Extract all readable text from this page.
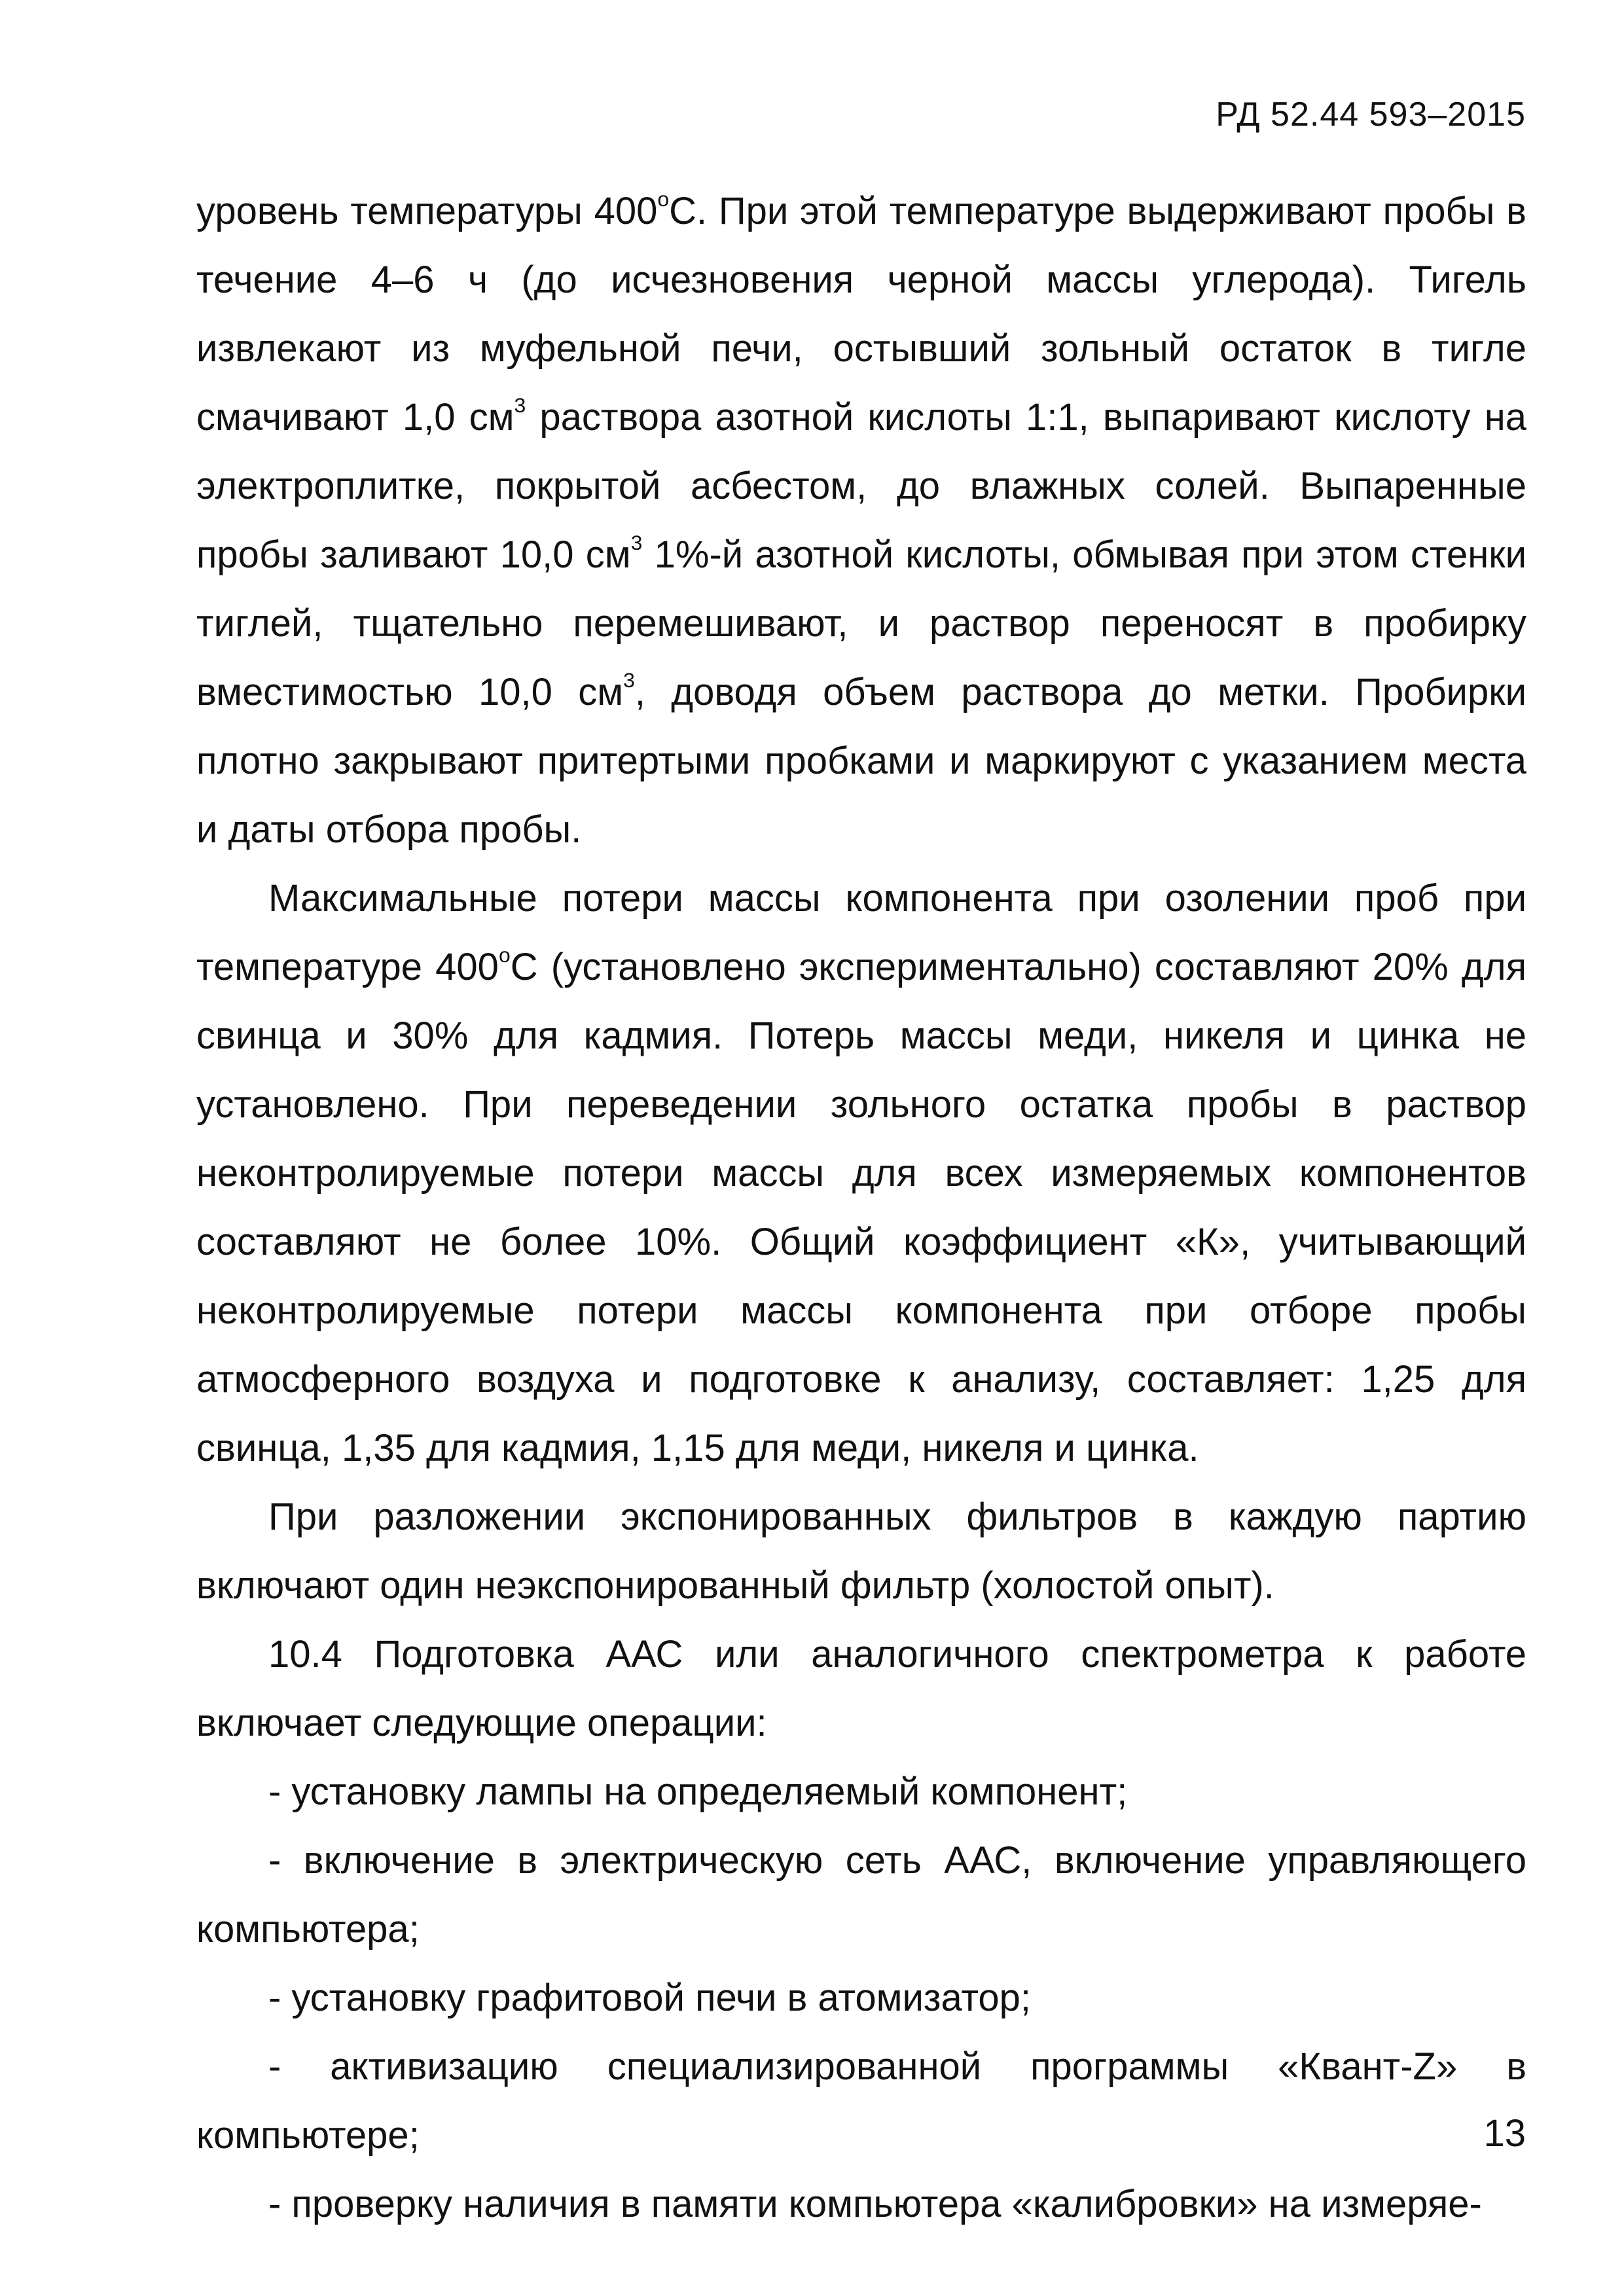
РД 52.44 593–2015

уровень температуры $400^оС$. При этой температуре выдерживают пробы в течение 4–6 ч (до исчезновения черной массы углерода). Тигель извлекают из муфельной печи, остывший зольный остаток в тигле смачивают 1,0 $см^3$ раствора азотной кислоты 1:1, выпаривают кислоту на электроплитке, покрытой асбестом, до влажных солей. Выпаренные пробы заливают 10,0 $см^3$ 1%-й азотной кислоты, обмывая при этом стенки тиглей, тщательно перемешивают, и раствор переносят в пробирку вместимостью 10,0 $см^3$, доводя объем раствора до метки. Пробирки плотно закрывают притертыми пробками и маркируют с указанием места и даты отбора пробы.

Максимальные потери массы компонента при озолении проб при температуре $400^оС$ (установлено экспериментально) составляют 20% для свинца и 30% для кадмия. Потерь массы меди, никеля и цинка не установлено. При переведении зольного остатка пробы в раствор неконтролируемые потери массы для всех измеряемых компонентов составляют не более 10%. Общий коэффициент «К», учитывающий неконтролируемые потери массы компонента при отборе пробы атмосферного воздуха и подготовке к анализу, составляет: 1,25 для свинца, 1,35 для кадмия, 1,15 для меди, никеля и цинка.

При разложении экспонированных фильтров в каждую партию включают один неэкспонированный фильтр (холостой опыт).

10.4 Подготовка ААС или аналогичного спектрометра к работе включает следующие операции:

- установку лампы на определяемый компонент;

- включение в электрическую сеть ААС, включение управляющего компьютера;

- установку графитовой печи в атомизатор;

- активизацию специализированной программы «Квант-Z» в компьютере;

- проверку наличия в памяти компьютера «калибровки» на измеряе-

13
